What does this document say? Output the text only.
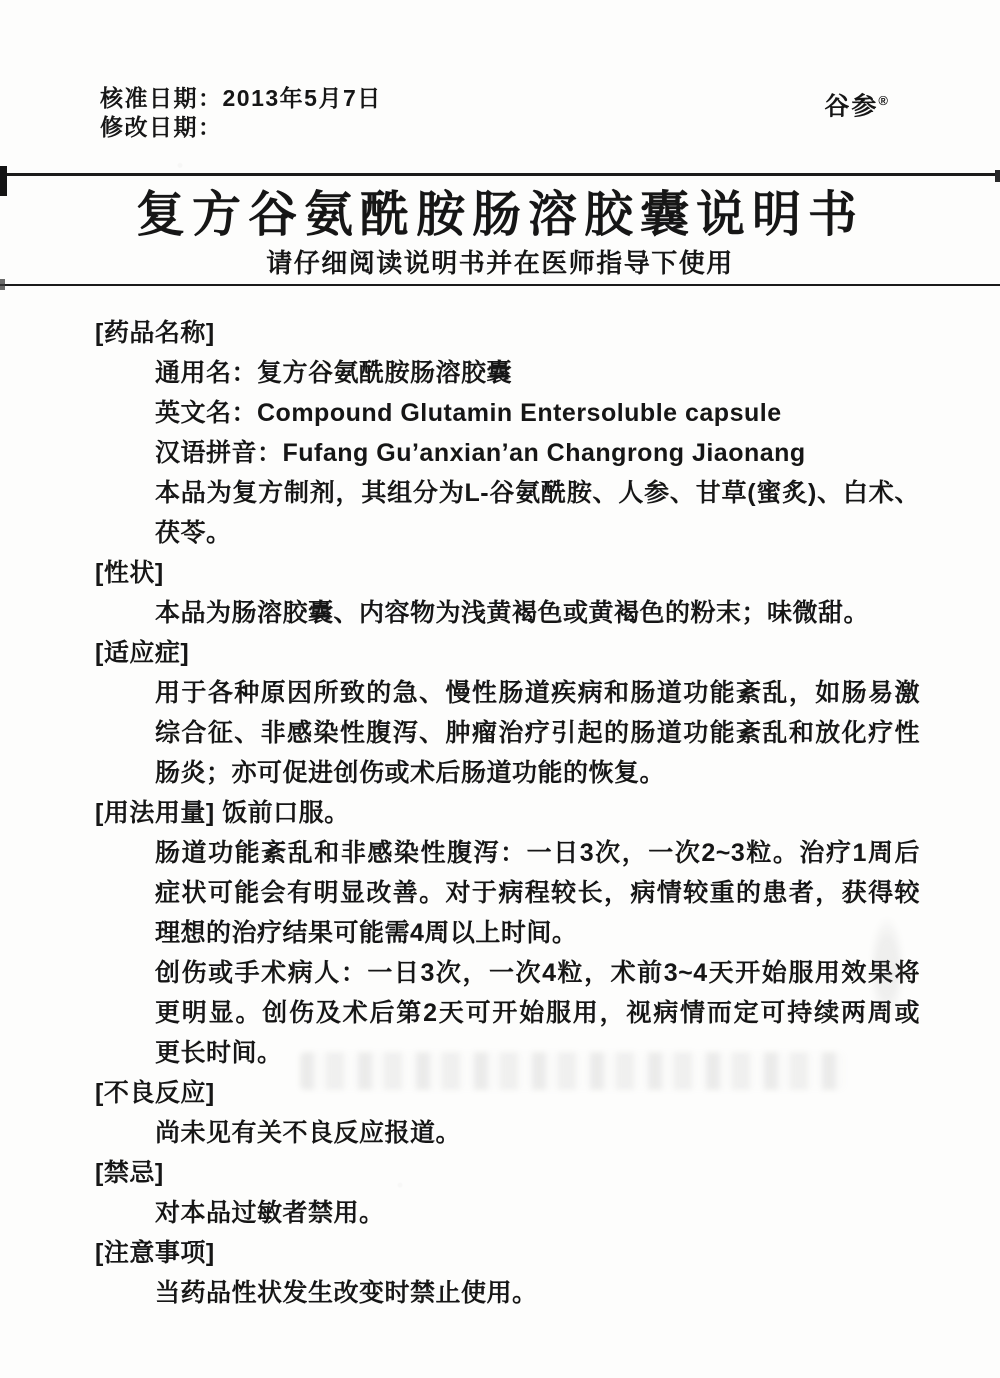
核准日期：2013年5月7日
修改日期：
谷参®
复方谷氨酰胺肠溶胶囊说明书
请仔细阅读说明书并在医师指导下使用
[药品名称]
通用名：复方谷氨酰胺肠溶胶囊
英文名：Compound Glutamin Entersoluble capsule
汉语拼音：Fufang Gu’anxian’an Changrong Jiaonang
本品为复方制剂，其组分为L-谷氨酰胺、人参、甘草(蜜炙)、白术、
茯苓。
[性状]
本品为肠溶胶囊、内容物为浅黄褐色或黄褐色的粉末；味微甜。
[适应症]
用于各种原因所致的急、慢性肠道疾病和肠道功能紊乱，如肠易激
综合征、非感染性腹泻、肿瘤治疗引起的肠道功能紊乱和放化疗性
肠炎；亦可促进创伤或术后肠道功能的恢复。
[用法用量] 饭前口服。
肠道功能紊乱和非感染性腹泻：一日3次，一次2~3粒。治疗1周后
症状可能会有明显改善。对于病程较长，病情较重的患者，获得较
理想的治疗结果可能需4周以上时间。
创伤或手术病人：一日3次，一次4粒，术前3~4天开始服用效果将
更明显。创伤及术后第2天可开始服用，视病情而定可持续两周或
更长时间。
[不良反应]
尚未见有关不良反应报道。
[禁忌]
对本品过敏者禁用。
[注意事项]
当药品性状发生改变时禁止使用。
